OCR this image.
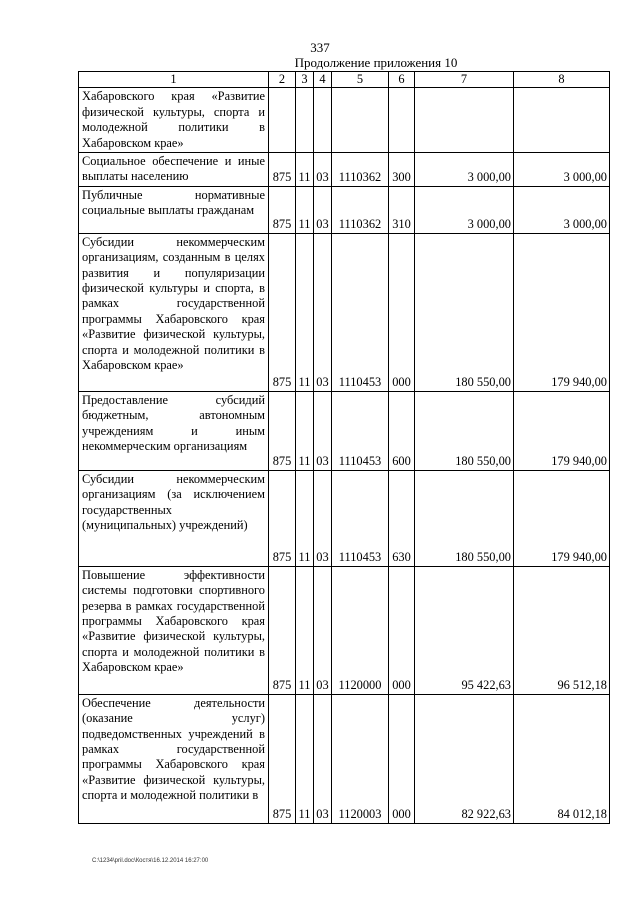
337
Продолжение приложения 10
1	2	3	4	5	6	7	8
Хабаровского края «Развитие физической культуры, спорта и молодежной политики в Хабаровском крае»							
Социальное обеспечение и иные выплаты населению	875	11	03	1110362	300	3 000,00	3 000,00
Публичные нормативные социальные выплаты гражданам	875	11	03	1110362	310	3 000,00	3 000,00
Субсидии некоммерческим организациям, созданным в целях развития и популяризации физической культуры и спорта, в рамках государственной программы Хабаровского края «Развитие физической культуры, спорта и молодежной политики в Хабаровском крае»	875	11	03	1110453	000	180 550,00	179 940,00
Предоставление субсидий бюджетным, автономным учреждениям и иным некоммерческим организациям	875	11	03	1110453	600	180 550,00	179 940,00
Субсидии некоммерческим организациям (за исключением государственных (муниципальных) учреждений)	875	11	03	1110453	630	180 550,00	179 940,00
Повышение эффективности системы подготовки спортивного резерва в рамках государственной программы Хабаровского края «Развитие физической культуры, спорта и молодежной политики в Хабаровском крае»	875	11	03	1120000	000	95 422,63	96 512,18
Обеспечение деятельности (оказание услуг) подведомственных учреждений в рамках государственной программы Хабаровского края «Развитие физической культуры, спорта и молодежной политики в	875	11	03	1120003	000	82 922,63	84 012,18
C:\1234\pril.doc\Костя\16.12.2014 16:27:00
